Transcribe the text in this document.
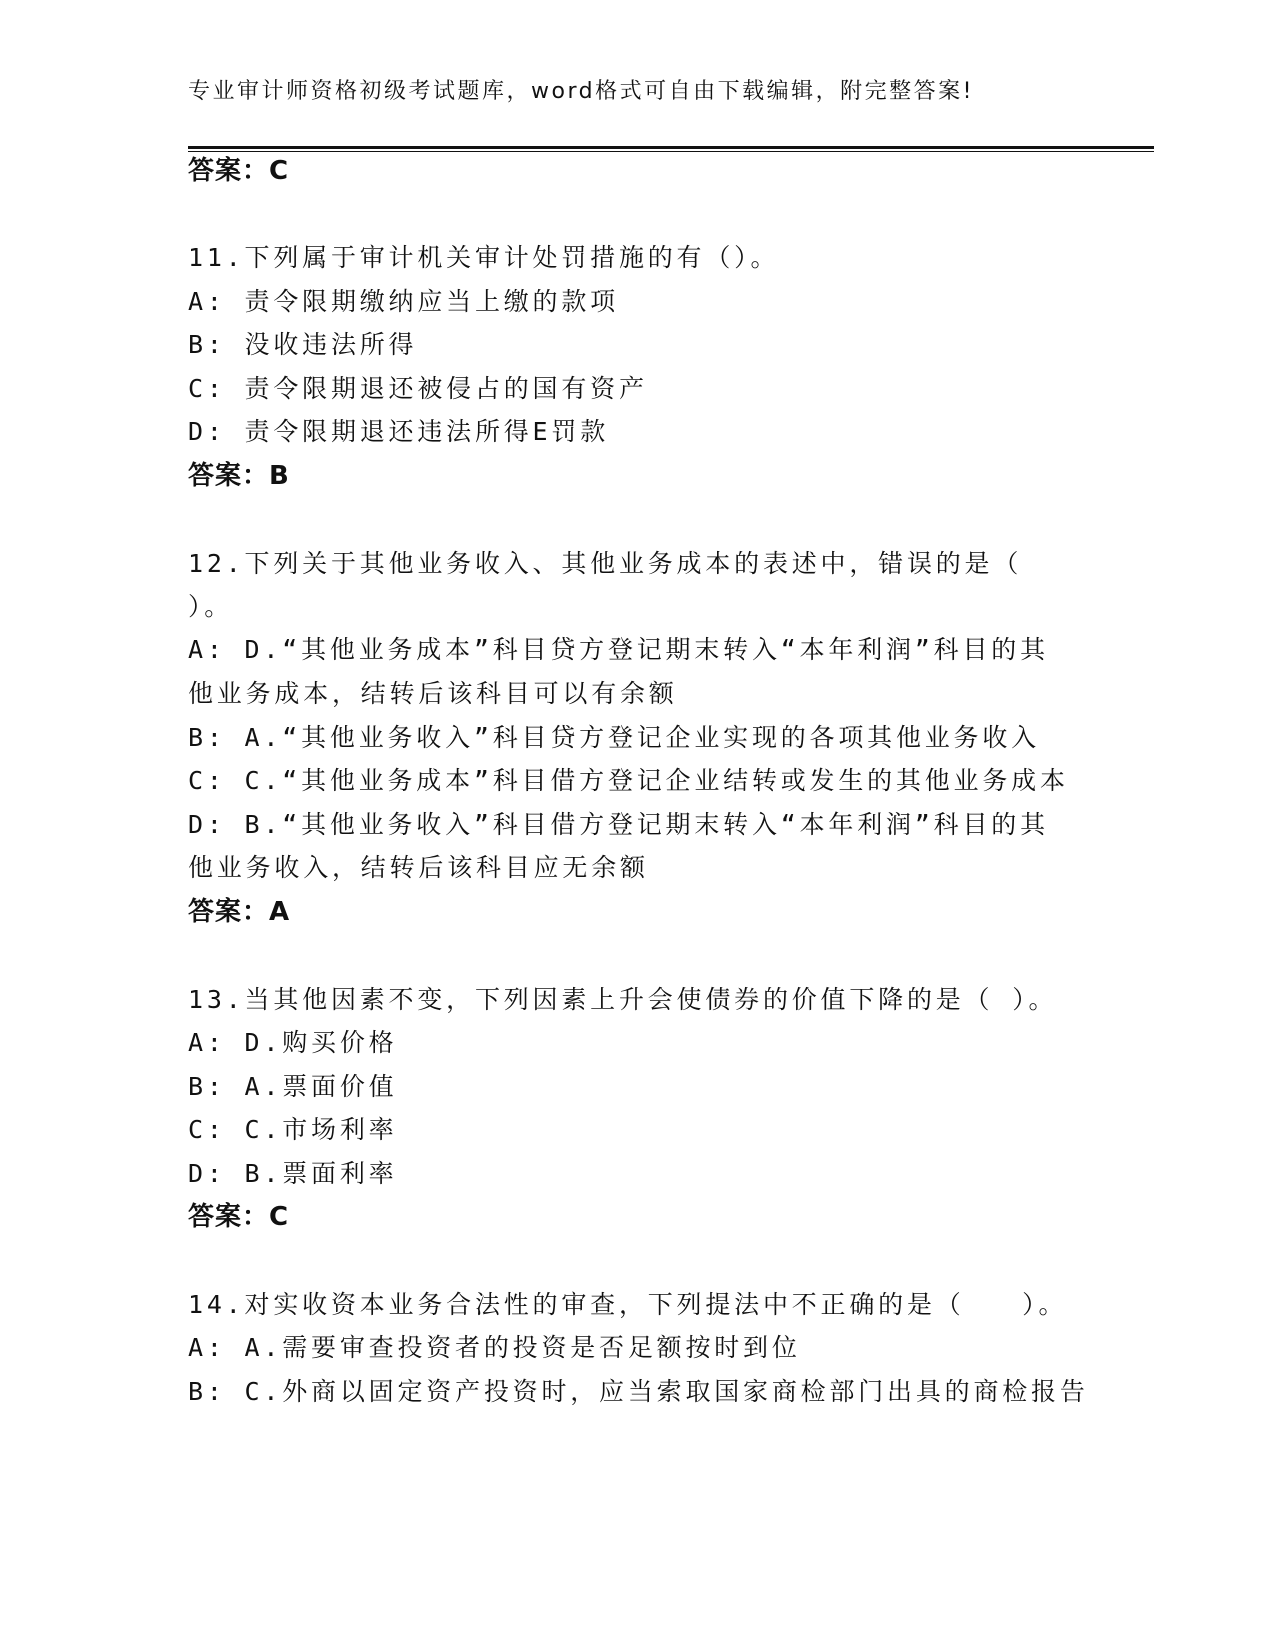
专业审计师资格初级考试题库，word格式可自由下载编辑，附完整答案!
答案：C
11.下列属于审计机关审计处罚措施的有（）。
A: 责令限期缴纳应当上缴的款项
B: 没收违法所得
C: 责令限期退还被侵占的国有资产
D: 责令限期退还违法所得E罚款
答案：B
12.下列关于其他业务收入、其他业务成本的表述中，错误的是（
）。
A: D.“其他业务成本”科目贷方登记期末转入“本年利润”科目的其
他业务成本，结转后该科目可以有余额
B: A.“其他业务收入”科目贷方登记企业实现的各项其他业务收入
C: C.“其他业务成本”科目借方登记企业结转或发生的其他业务成本
D: B.“其他业务收入”科目借方登记期末转入“本年利润”科目的其
他业务收入，结转后该科目应无余额
答案：A
13.当其他因素不变，下列因素上升会使债券的价值下降的是（ ）。
A: D.购买价格
B: A.票面价值
C: C.市场利率
D: B.票面利率
答案：C
14.对实收资本业务合法性的审查，下列提法中不正确的是（　　）。
A: A.需要审查投资者的投资是否足额按时到位
B: C.外商以固定资产投资时，应当索取国家商检部门出具的商检报告
